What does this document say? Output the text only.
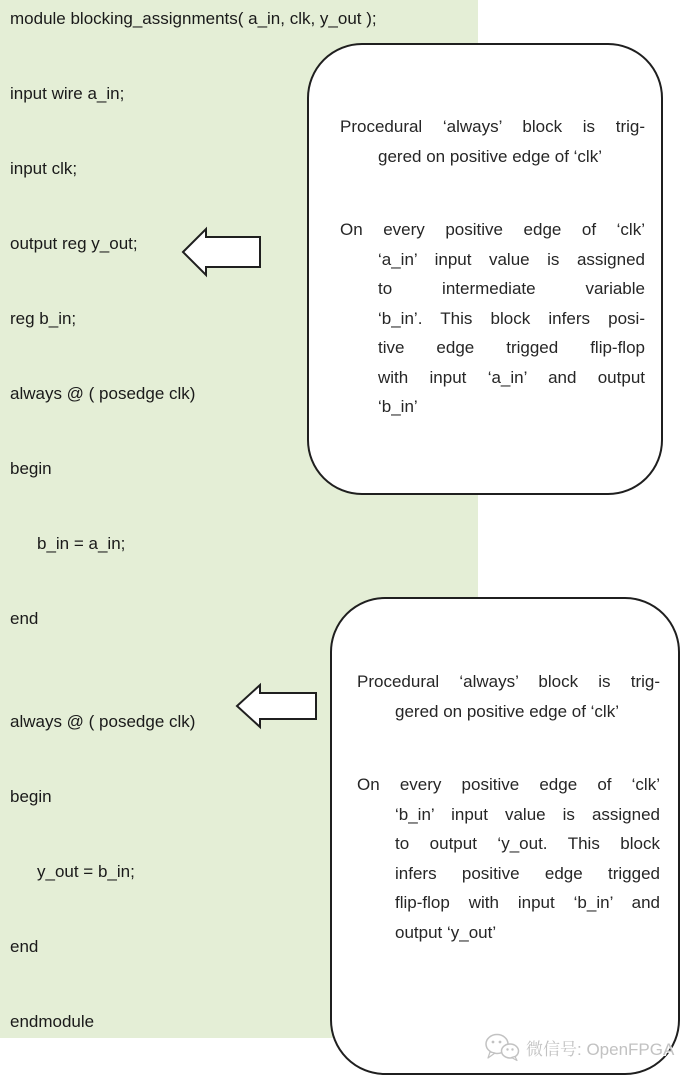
module blocking_assignments( a_in, clk, y_out );
input wire a_in;
input clk;
output reg y_out;
reg b_in;
always @ ( posedge clk)
begin
b_in = a_in;
end
always @ ( posedge clk)
begin
y_out = b_in;
end
endmodule
Procedural ‘always’ block is trig-
gered on positive edge of ‘clk’
On every positive edge of ‘clk’
‘a_in’ input value is assigned
to intermediate variable
‘b_in’. This block infers posi-
tive edge trigged flip-flop
with input ‘a_in’ and output
‘b_in’
Procedural ‘always’ block is trig-
gered on positive edge of ‘clk’
On every positive edge of ‘clk’
‘b_in’ input value is assigned
to output ‘y_out. This block
infers positive edge trigged
flip-flop with input ‘b_in’ and
output ‘y_out’
微信号: OpenFPGA
